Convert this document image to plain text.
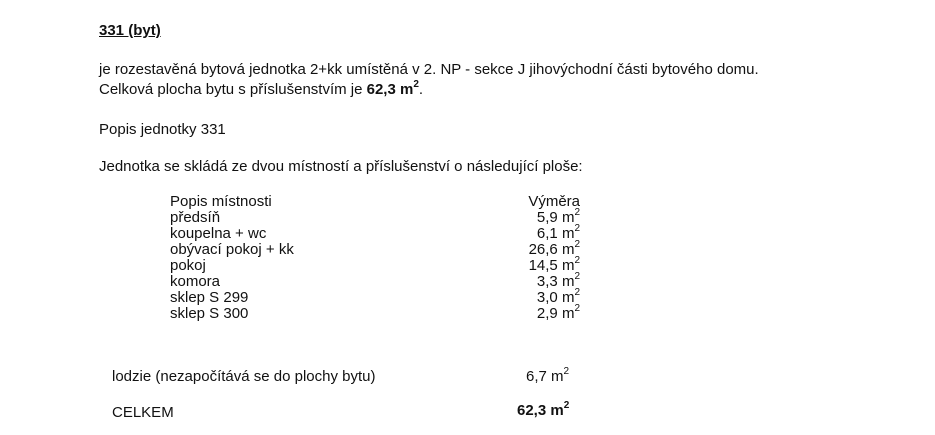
331 (byt)
je rozestavěná bytová jednotka 2+kk umístěná v 2. NP - sekce J jihovýchodní části bytového domu.
Celková plocha bytu s příslušenstvím je 62,3 $m^2$.
Popis jednotky 331
Jednotka se skládá ze dvou místností a příslušenství o následující ploše:
Popis místnosti	Výměra
předsíň	5,9 $m^2$
koupelna + wc	6,1 $m^2$
obývací pokoj + kk	26,6 $m^2$
pokoj	14,5 $m^2$
komora	3,3 $m^2$
sklep S 299	3,0 $m^2$
sklep S 300	2,9 $m^2$
lodzie (nezapočítává se do plochy bytu)	6,7 $m^2$
CELKEM	62,3 $m^2$
